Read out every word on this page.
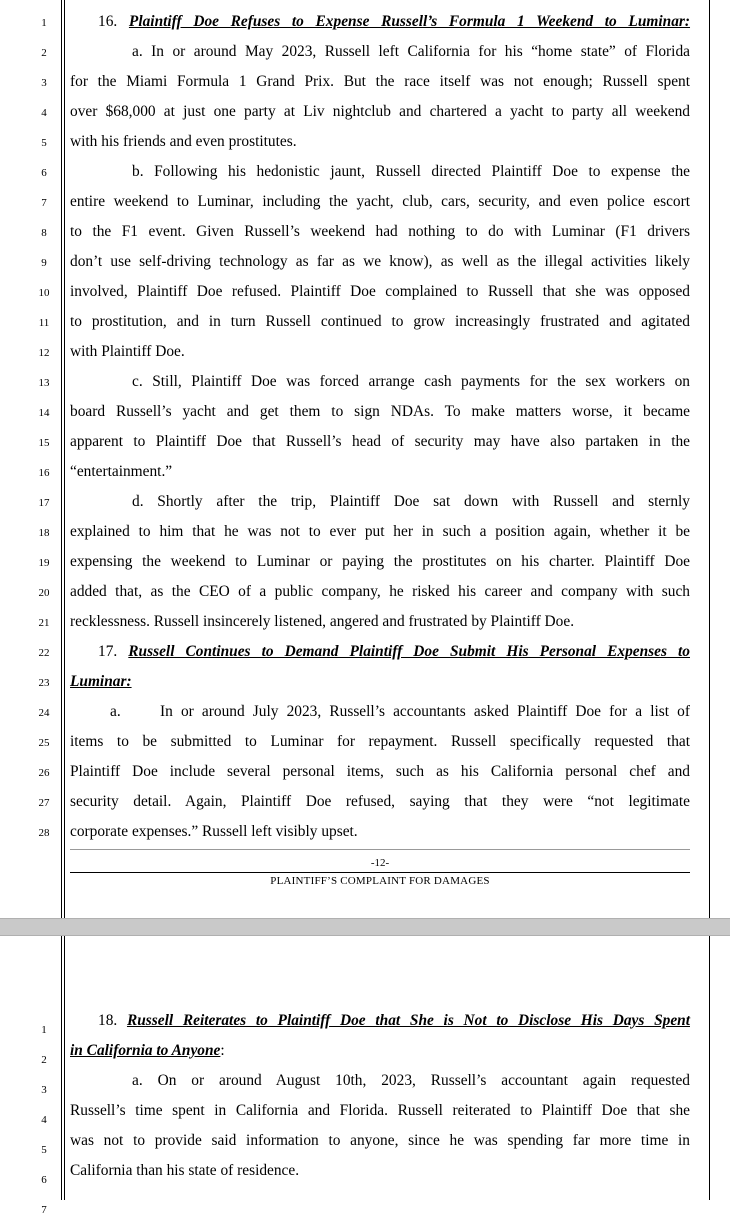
1
2
3
4
5
6
7
8
9
10
11
12
13
14
15
16
17
18
19
20
21
22
23
24
25
26
27
28
16. Plaintiff Doe Refuses to Expense Russell’s Formula 1 Weekend to Luminar:
a. In or around May 2023, Russell left California for his “home state” of Florida
for the Miami Formula 1 Grand Prix. But the race itself was not enough; Russell spent
over $68,000 at just one party at Liv nightclub and chartered a yacht to party all weekend
with his friends and even prostitutes.
b. Following his hedonistic jaunt, Russell directed Plaintiff Doe to expense the
entire weekend to Luminar, including the yacht, club, cars, security, and even police escort
to the F1 event. Given Russell’s weekend had nothing to do with Luminar (F1 drivers
don’t use self-driving technology as far as we know), as well as the illegal activities likely
involved, Plaintiff Doe refused. Plaintiff Doe complained to Russell that she was opposed
to prostitution, and in turn Russell continued to grow increasingly frustrated and agitated
with Plaintiff Doe.
c. Still, Plaintiff Doe was forced arrange cash payments for the sex workers on
board Russell’s yacht and get them to sign NDAs. To make matters worse, it became
apparent to Plaintiff Doe that Russell’s head of security may have also partaken in the
“entertainment.”
d. Shortly after the trip, Plaintiff Doe sat down with Russell and sternly
explained to him that he was not to ever put her in such a position again, whether it be
expensing the weekend to Luminar or paying the prostitutes on his charter. Plaintiff Doe
added that, as the CEO of a public company, he risked his career and company with such
recklessness. Russell insincerely listened, angered and frustrated by Plaintiff Doe.
17. Russell Continues to Demand Plaintiff Doe Submit His Personal Expenses to
Luminar:
a.	In or around July 2023, Russell’s accountants asked Plaintiff Doe for a list of
items to be submitted to Luminar for repayment. Russell specifically requested that
Plaintiff Doe include several personal items, such as his California personal chef and
security detail. Again, Plaintiff Doe refused, saying that they were “not legitimate
corporate expenses.” Russell left visibly upset.
-12-
PLAINTIFF’S COMPLAINT FOR DAMAGES
1
2
3
4
5
6
7
18. Russell Reiterates to Plaintiff Doe that She is Not to Disclose His Days Spent
in California to Anyone:
a. On or around August 10th, 2023, Russell’s accountant again requested
Russell’s time spent in California and Florida. Russell reiterated to Plaintiff Doe that she
was not to provide said information to anyone, since he was spending far more time in
California than his state of residence.
